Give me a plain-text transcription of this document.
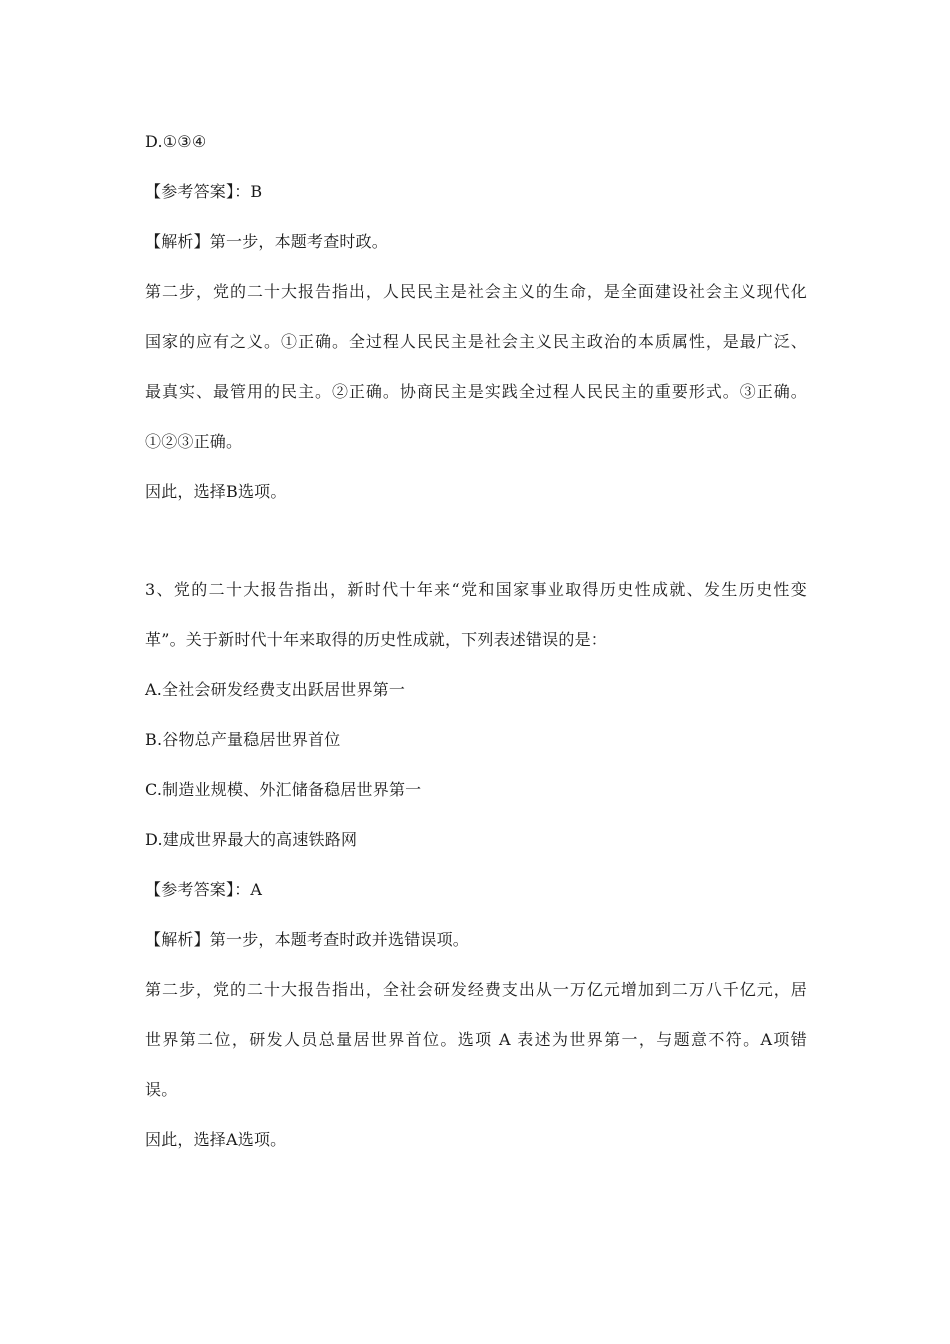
D.①③④
【参考答案】：B
【解析】第一步，本题考查时政。
第二步，党的二十大报告指出，人民民主是社会主义的生命，是全面建设社会主义现代化
国家的应有之义。①正确。全过程人民民主是社会主义民主政治的本质属性，是最广泛、
最真实、最管用的民主。②正确。协商民主是实践全过程人民民主的重要形式。③正确。
①②③正确。
因此，选择B选项。
3、党的二十大报告指出，新时代十年来“党和国家事业取得历史性成就、发生历史性变
革”。关于新时代十年来取得的历史性成就，下列表述错误的是：
A.全社会研发经费支出跃居世界第一
B.谷物总产量稳居世界首位
C.制造业规模、外汇储备稳居世界第一
D.建成世界最大的高速铁路网
【参考答案】：A
【解析】第一步，本题考查时政并选错误项。
第二步，党的二十大报告指出，全社会研发经费支出从一万亿元增加到二万八千亿元，居
世界第二位，研发人员总量居世界首位。选项 A 表述为世界第一，与题意不符。A项错
误。
因此，选择A选项。
